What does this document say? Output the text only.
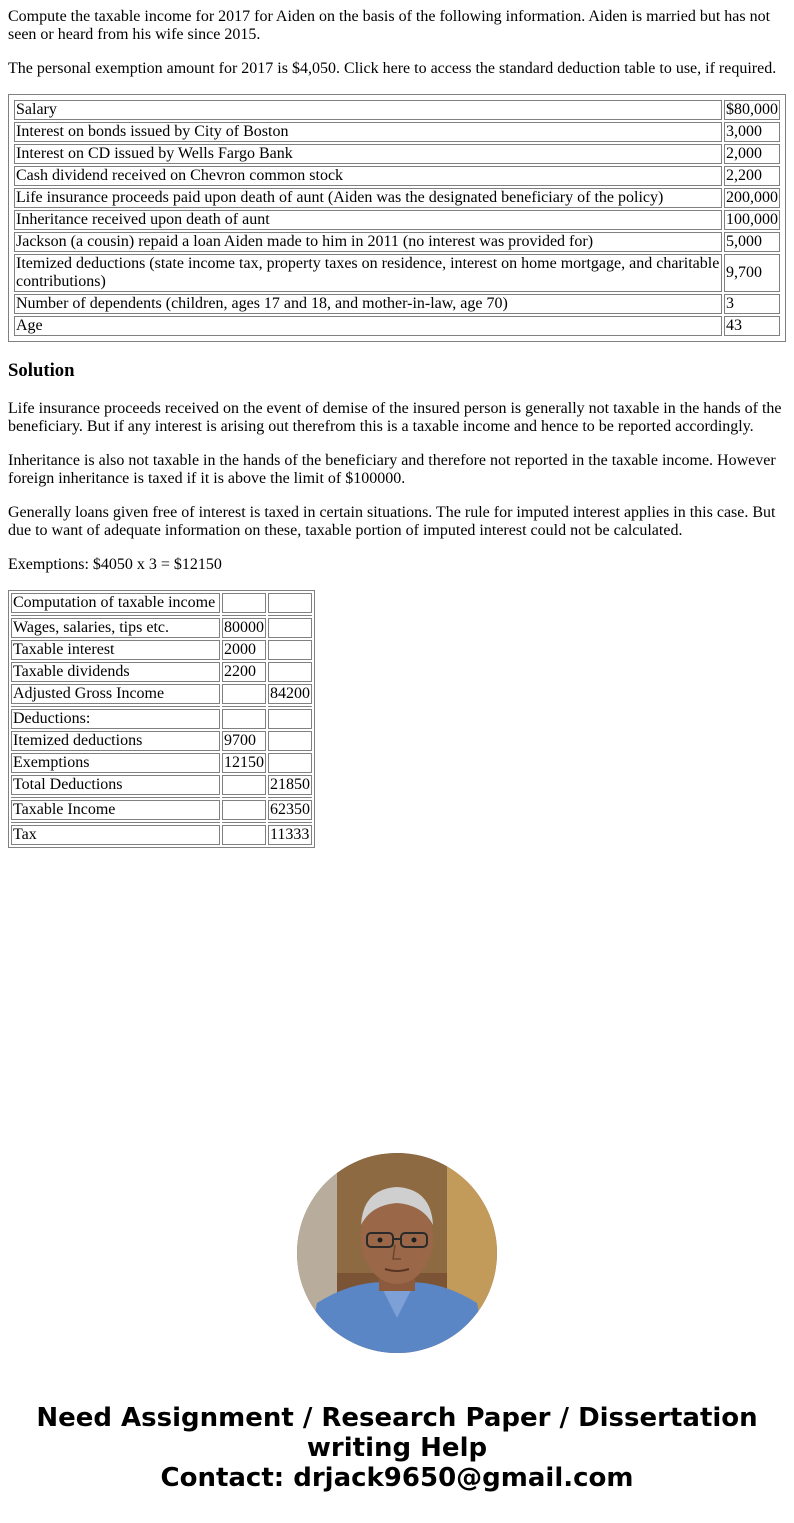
Compute the taxable income for 2017 for Aiden on the basis of the following information. Aiden is married but has not seen or heard from his wife since 2015.

The personal exemption amount for 2017 is $4,050. Click here to access the standard deduction table to use, if required.

Salary	$80,000
Interest on bonds issued by City of Boston	3,000
Interest on CD issued by Wells Fargo Bank	2,000
Cash dividend received on Chevron common stock	2,200
Life insurance proceeds paid upon death of aunt (Aiden was the designated beneficiary of the policy)	200,000
Inheritance received upon death of aunt	100,000
Jackson (a cousin) repaid a loan Aiden made to him in 2011 (no interest was provided for)	5,000
Itemized deductions (state income tax, property taxes on residence, interest on home mortgage, and charitable contributions)	9,700
Number of dependents (children, ages 17 and 18, and mother-in-law, age 70)	3
Age	43
Solution

Life insurance proceeds received on the event of demise of the insured person is generally not taxable in the hands of the beneficiary. But if any interest is arising out therefrom this is a taxable income and hence to be reported accordingly.

Inheritance is also not taxable in the hands of the beneficiary and therefore not reported in the taxable income. However foreign inheritance is taxed if it is above the limit of $100000.

Generally loans given free of interest is taxed in certain situations. The rule for imputed interest applies in this case. But due to want of adequate information on these, taxable portion of imputed interest could not be calculated.

Exemptions: $4050 x 3 = $12150

Computation of taxable income		

Wages, salaries, tips etc.	80000	
Taxable interest	2000	
Taxable dividends	2200	
Adjusted Gross Income		84200

Deductions:		
Itemized deductions	9700	
Exemptions	12150	
Total Deductions		21850

Taxable Income		62350

Tax		11333
Need Assignment / Research Paper / Dissertation
writing Help
Contact: drjack9650@gmail.com
